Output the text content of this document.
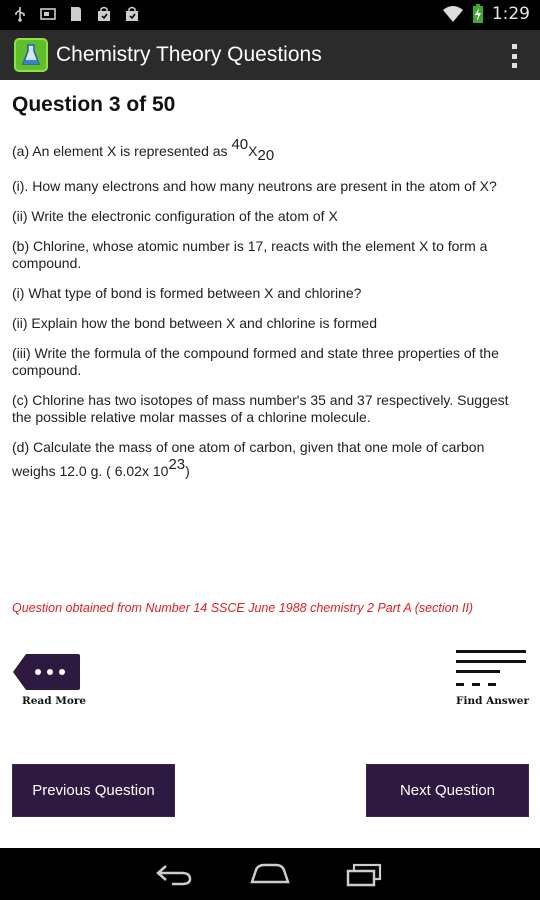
1:29
Chemistry Theory Questions
Question 3 of 50

(a) An element X is represented as $^{40}X_{20}$

(i). How many electrons and how many neutrons are present in the atom of X?

(ii) Write the electronic configuration of the atom of X

(b) Chlorine, whose atomic number is 17, reacts with the element X to form a compound.

(i) What type of bond is formed between X and chlorine?

(ii) Explain how the bond between X and chlorine is formed

(iii) Write the formula of the compound formed and state three properties of the compound.

(c) Chlorine has two isotopes of mass number's 35 and 37 respectively. Suggest the possible relative molar masses of a chlorine molecule.

(d) Calculate the mass of one atom of carbon, given that one mole of carbon weighs 12.0 g. ( 6.02x $10^{23}$)

Question obtained from Number 14 SSCE June 1988 chemistry 2 Part A (section II)
Read More	Find Answer
Previous Question	Next Question
